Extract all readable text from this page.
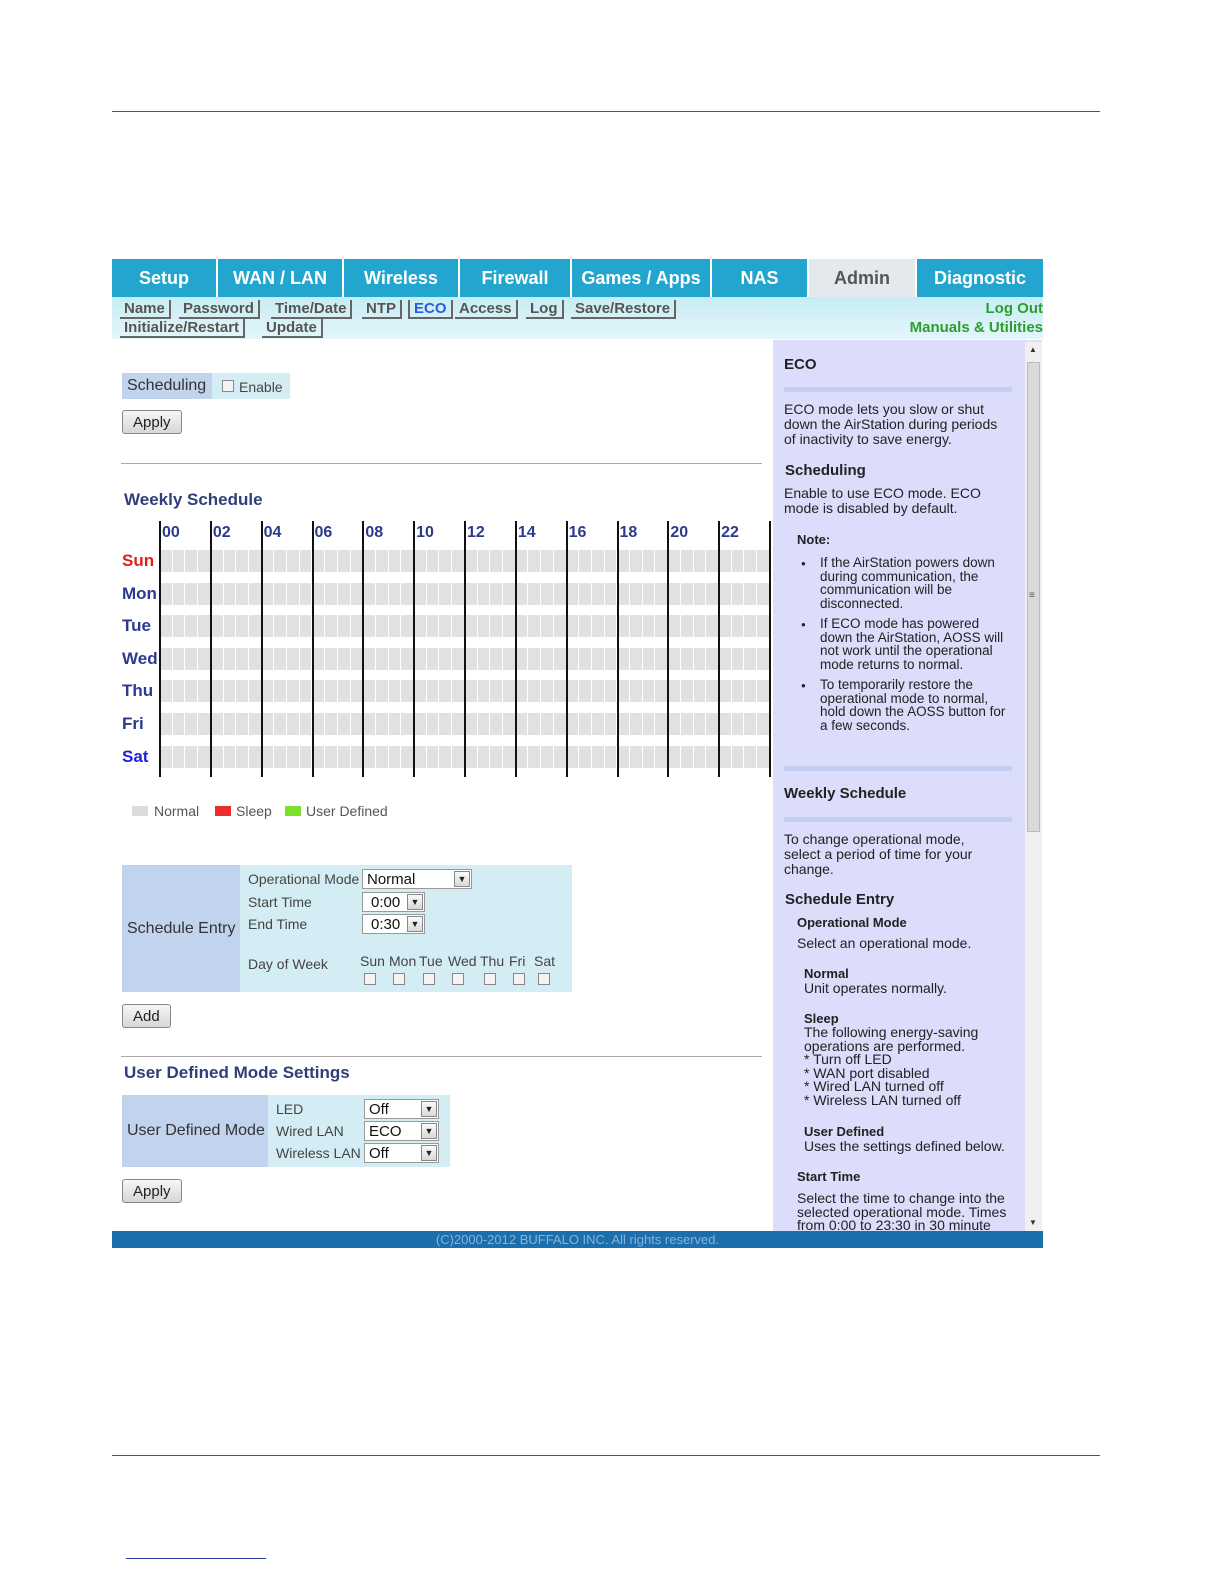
Setup	WAN / LAN	Wireless	Firewall	Games / Apps	NAS	Admin	Diagnostic
Name	Password	Time/Date	NTP	ECO Access	Log	Save/Restore
Initialize/Restart	Update
Log Out
Manuals & Utilities
Scheduling	Enable
Apply
Weekly Schedule
00 02 04 06 08 10 12 14 16 18 20 22
Sun
Mon
Tue
Wed
Thu
Fri
Sat
Normal	Sleep User Defined
Schedule Entry
Operational Mode Normal	▼
Start Time	0:00	▼
End Time	0:30	▼
Day of Week Sun Mon Tue Wed Thu Fri Sat
Add
User Defined Mode Settings
User Defined Mode
LED	Off	▼
Wired LAN ECO	▼
Wireless LAN Off	▼
Apply
ECO
ECO mode lets you slow or shut
down the AirStation during periods
of inactivity to save energy.
Scheduling
Enable to use ECO mode. ECO
mode is disabled by default.
Note:
● If the AirStation powers down
during communication, the
communication will be
disconnected.
● If ECO mode has powered
down the AirStation, AOSS will
not work until the operational
mode returns to normal.
● To temporarily restore the
operational mode to normal,
hold down the AOSS button for
a few seconds.
Weekly Schedule
To change operational mode,
select a period of time for your
change.
Schedule Entry
Operational Mode
Select an operational mode.
Normal
Unit operates normally.
Sleep
The following energy-saving
operations are performed.
* Turn off LED
* WAN port disabled
* Wired LAN turned off
* Wireless LAN turned off
User Defined
Uses the settings defined below.
Start Time
Select the time to change into the
selected operational mode. Times
from 0:00 to 23:30 in 30 minute
▲
≡
▼
(C)2000-2012 BUFFALO INC. All rights reserved.
